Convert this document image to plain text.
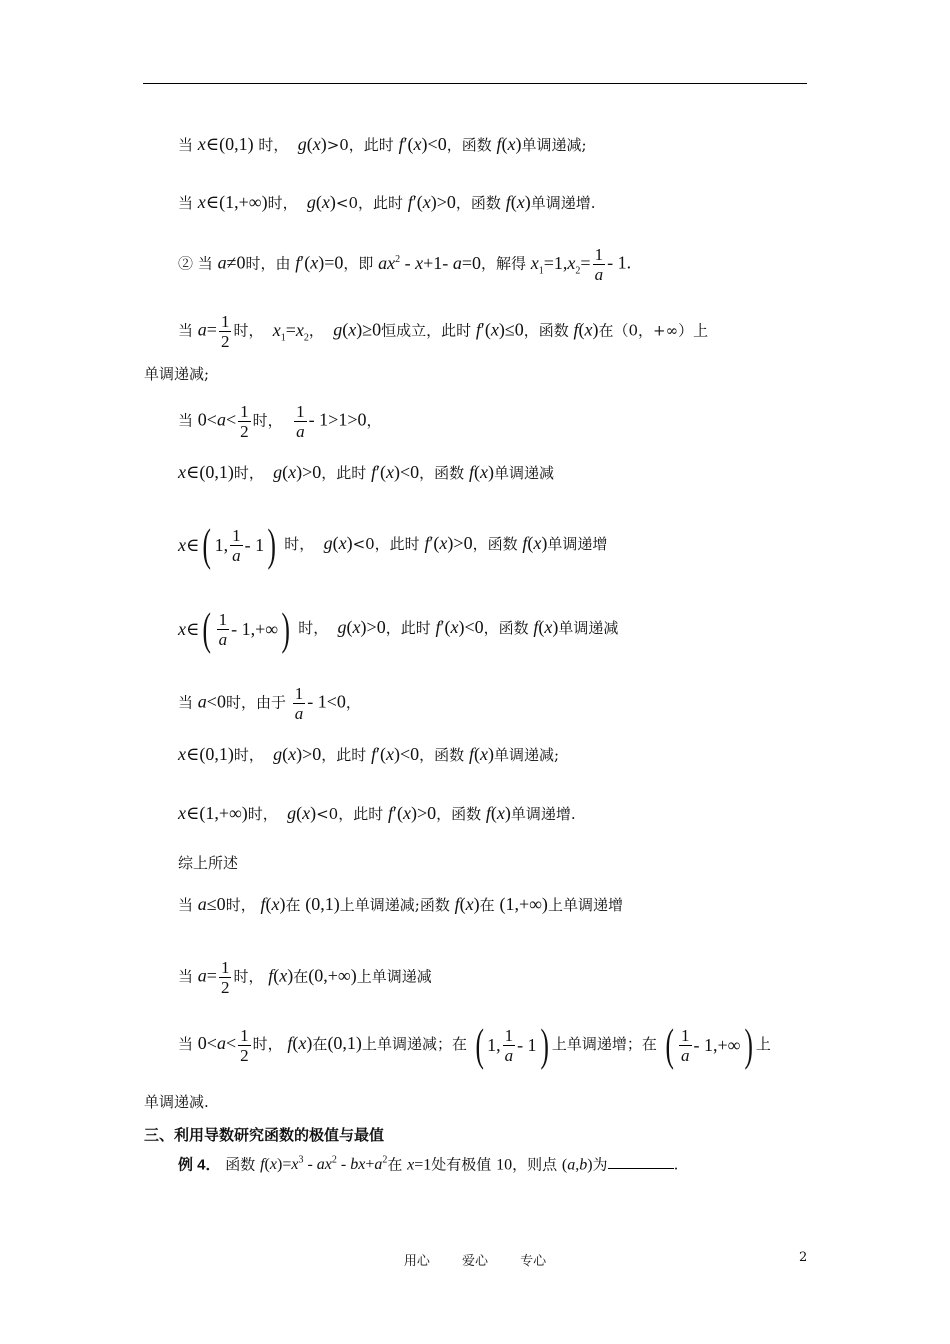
当 x∈(0,1) 时， g(x)>0，此时 f′(x)<0，函数 f(x)单调递减;
当 x∈(1,+∞)时， g(x)<0，此时 f′(x)>0，函数 f(x)单调递增.
② 当 a≠0时，由 f′(x)=0，即 $ax^2 - x+1-$ a=0，解得 $x_1=1,x_2= \frac{1}{a} - 1$.
当 $a= \frac{1}{2}$ 时， $x_1=x_2$， g(x)≥0恒成立，此时 f′(x)≤0，函数 f(x)在（0，+∞）上
单调递减;
当 $0<a< \frac{1}{2}$ 时， $\frac{1}{a} - 1>1>0$，
x∈(0,1)时， g(x)>0，此时 f′(x)<0，函数 f(x)单调递减
x ∈ ( 1, $\frac{1}{a} - 1$ ) 时， g(x)<0，此时 f′(x)>0，函数 f(x)单调递增
x ∈ ( $\frac{1}{a} - 1,+\infty$ ) 时， g(x)>0，此时 f′(x)<0，函数 f(x)单调递减
当 a<0时，由于 $\frac{1}{a} - 1<0$，
x∈(0,1)时， g(x)>0，此时 f′(x)<0，函数 f(x)单调递减;
x∈(1,+∞)时， g(x)<0，此时 f′(x)>0，函数 f(x)单调递增.
综上所述
当 a≤0时， f(x)在 (0,1)上单调递减;函数 f(x)在 (1,+∞)上单调递增
当 $a= \frac{1}{2}$ 时， f(x)在(0,+∞)上单调递减
当 $0<a< \frac{1}{2}$ 时， f(x)在(0,1)上单调递减；在 ( 1, $\frac{1}{a} - 1$ ) 上单调递增；在 ( $\frac{1}{a} - 1,+\infty$ ) 上
单调递减.
三、利用导数研究函数的极值与最值
例 4． 函数 $f(x)=x^3 - ax^2 - bx+a^2$在 x=1处有极值 10，则点 (a,b)为	.
用心 爱心 专心	2
